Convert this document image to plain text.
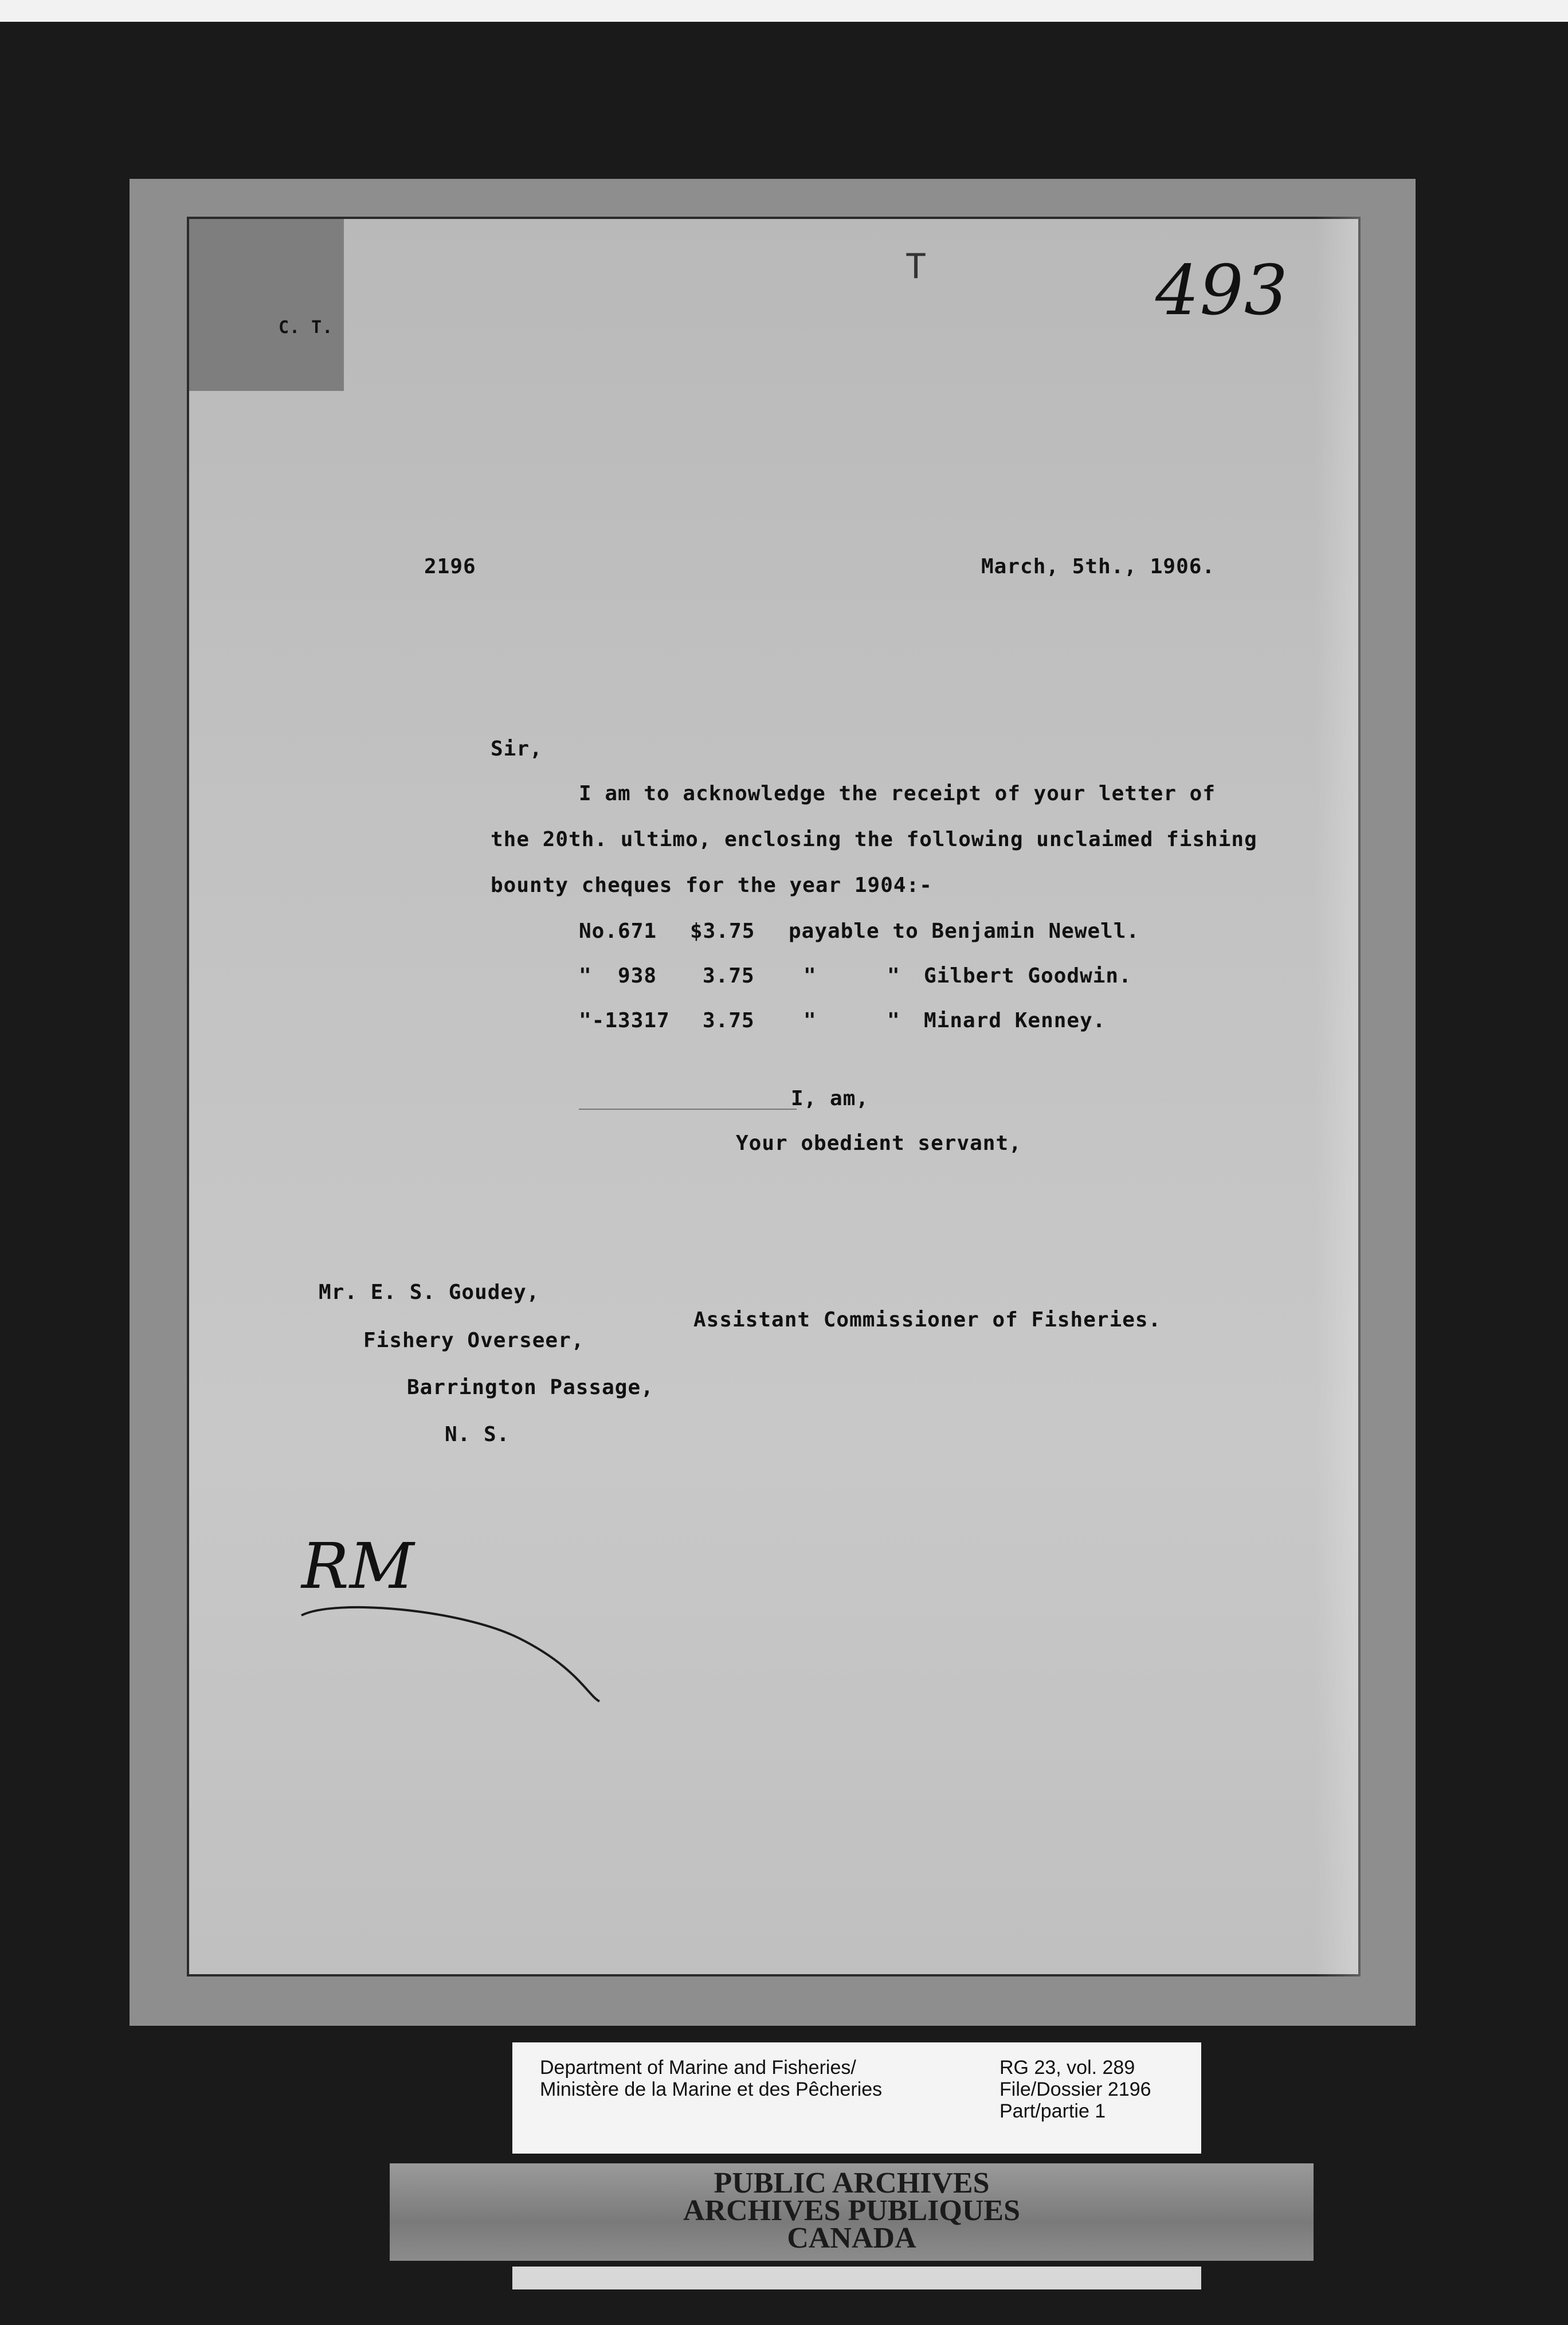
C. T.
T	493
2196	March, 5th., 1906.
Sir,
I am to acknowledge the receipt of your letter of
the 20th. ultimo, enclosing the following unclaimed fishing
bounty cheques for the year 1904:-
No.671 $3.75 payable to Benjamin Newell.
"  938 3.75 "	" Gilbert Goodwin.
"-13317 3.75 "	" Minard Kenney.
I, am,
Your obedient servant,
Mr. E. S. Goudey,
Assistant Commissioner of Fisheries.
Fishery Overseer,
Barrington Passage,
N. S.
RM
Department of Marine and Fisheries/
Ministère de la Marine et des Pêcheries
RG 23, vol. 289
File/Dossier 2196
Part/partie 1
PUBLIC ARCHIVES
ARCHIVES PUBLIQUES
CANADA
